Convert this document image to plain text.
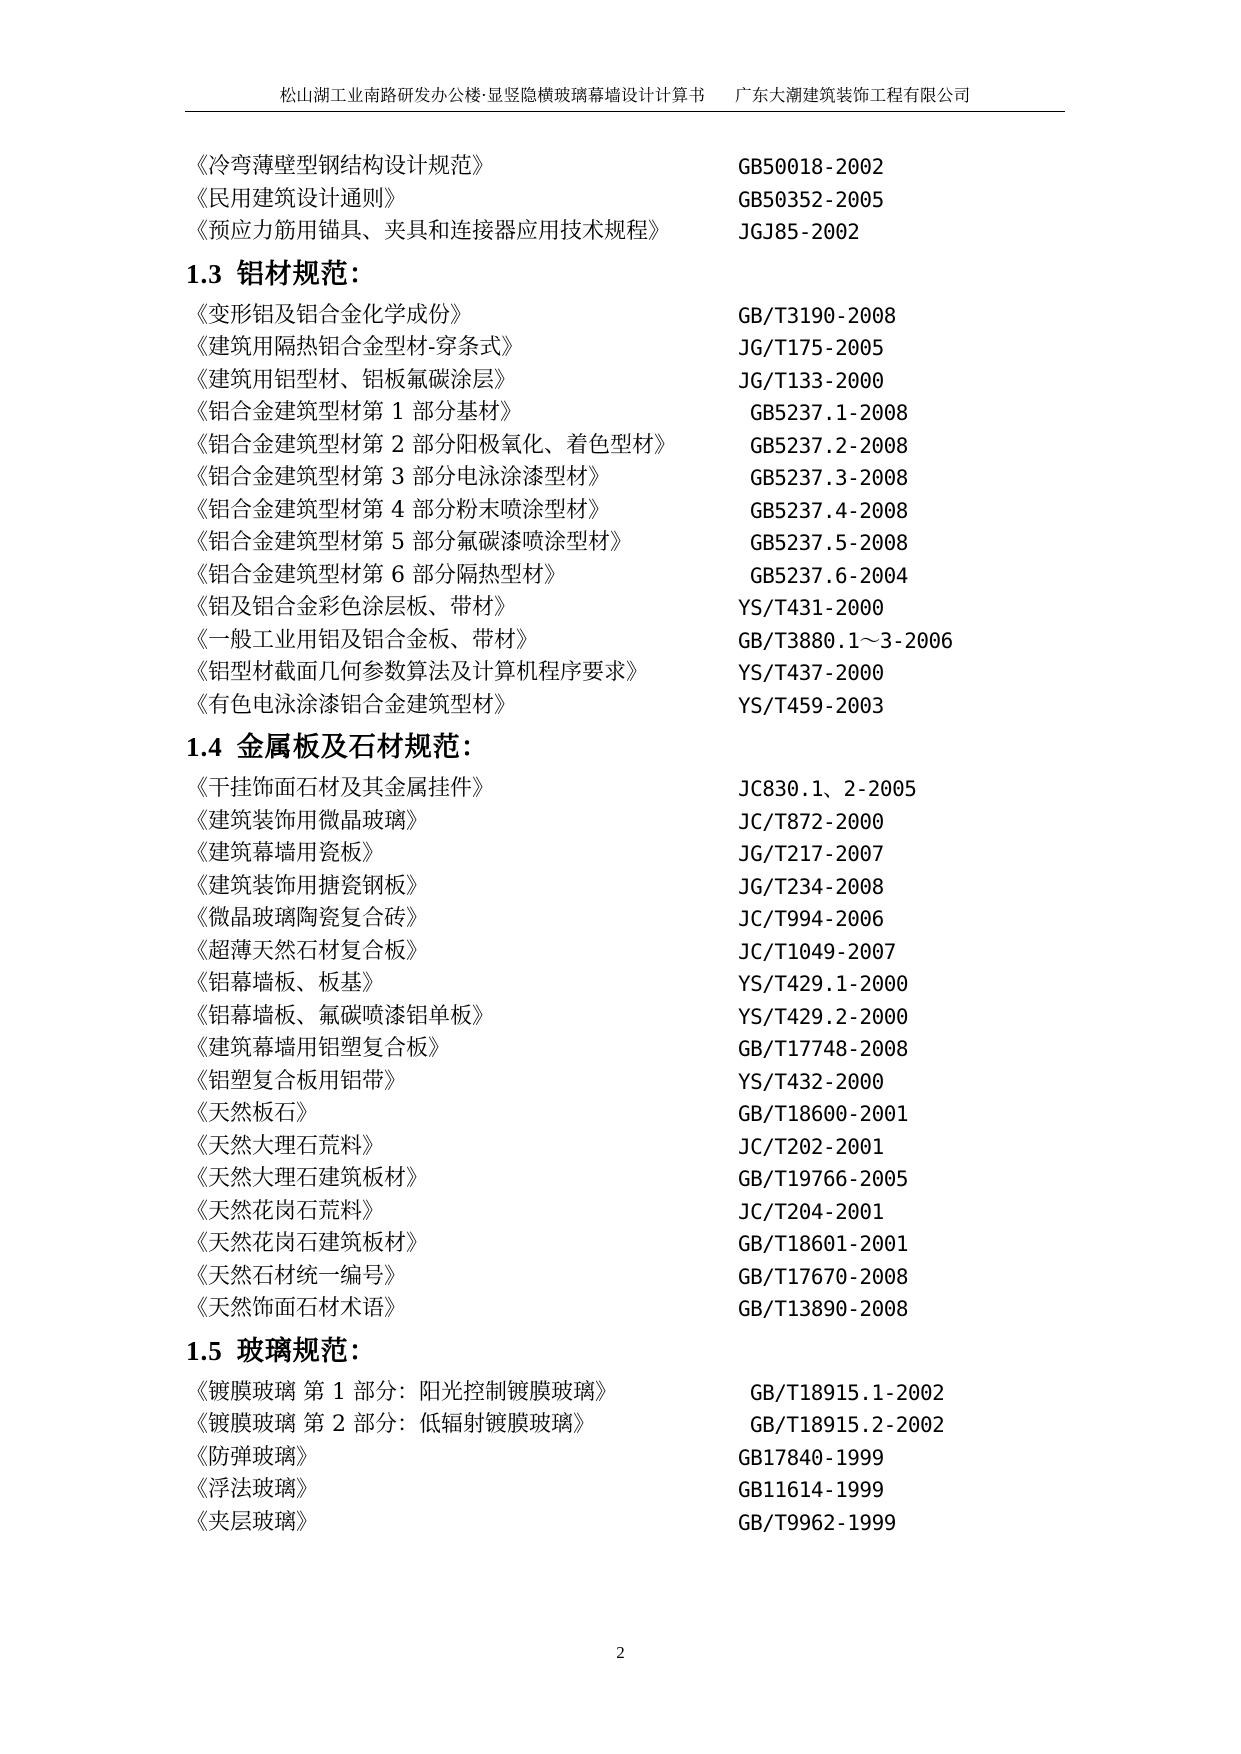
松山湖工业南路研发办公楼·显竖隐横玻璃幕墙设计计算书 广东大潮建筑装饰工程有限公司
《冷弯薄壁型钢结构设计规范》	GB50018-2002
《民用建筑设计通则》	GB50352-2005
《预应力筋用锚具、夹具和连接器应用技术规程》	JGJ85-2002
1.3 铝材规范：
《变形铝及铝合金化学成份》	GB/T3190-2008
《建筑用隔热铝合金型材-穿条式》	JG/T175-2005
《建筑用铝型材、铝板氟碳涂层》	JG/T133-2000
《铝合金建筑型材第 1 部分基材》	GB5237.1-2008
《铝合金建筑型材第 2 部分阳极氧化、着色型材》	GB5237.2-2008
《铝合金建筑型材第 3 部分电泳涂漆型材》	GB5237.3-2008
《铝合金建筑型材第 4 部分粉末喷涂型材》	GB5237.4-2008
《铝合金建筑型材第 5 部分氟碳漆喷涂型材》	GB5237.5-2008
《铝合金建筑型材第 6 部分隔热型材》	GB5237.6-2004
《铝及铝合金彩色涂层板、带材》	YS/T431-2000
《一般工业用铝及铝合金板、带材》	GB/T3880.1～3-2006
《铝型材截面几何参数算法及计算机程序要求》	YS/T437-2000
《有色电泳涂漆铝合金建筑型材》	YS/T459-2003
1.4 金属板及石材规范：
《干挂饰面石材及其金属挂件》	JC830.1、2-2005
《建筑装饰用微晶玻璃》	JC/T872-2000
《建筑幕墙用瓷板》	JG/T217-2007
《建筑装饰用搪瓷钢板》	JG/T234-2008
《微晶玻璃陶瓷复合砖》	JC/T994-2006
《超薄天然石材复合板》	JC/T1049-2007
《铝幕墙板、板基》	YS/T429.1-2000
《铝幕墙板、氟碳喷漆铝单板》	YS/T429.2-2000
《建筑幕墙用铝塑复合板》	GB/T17748-2008
《铝塑复合板用铝带》	YS/T432-2000
《天然板石》	GB/T18600-2001
《天然大理石荒料》	JC/T202-2001
《天然大理石建筑板材》	GB/T19766-2005
《天然花岗石荒料》	JC/T204-2001
《天然花岗石建筑板材》	GB/T18601-2001
《天然石材统一编号》	GB/T17670-2008
《天然饰面石材术语》	GB/T13890-2008
1.5 玻璃规范：
《镀膜玻璃 第 1 部分：阳光控制镀膜玻璃》	GB/T18915.1-2002
《镀膜玻璃 第 2 部分：低辐射镀膜玻璃》	GB/T18915.2-2002
《防弹玻璃》	GB17840-1999
《浮法玻璃》	GB11614-1999
《夹层玻璃》	GB/T9962-1999
2
